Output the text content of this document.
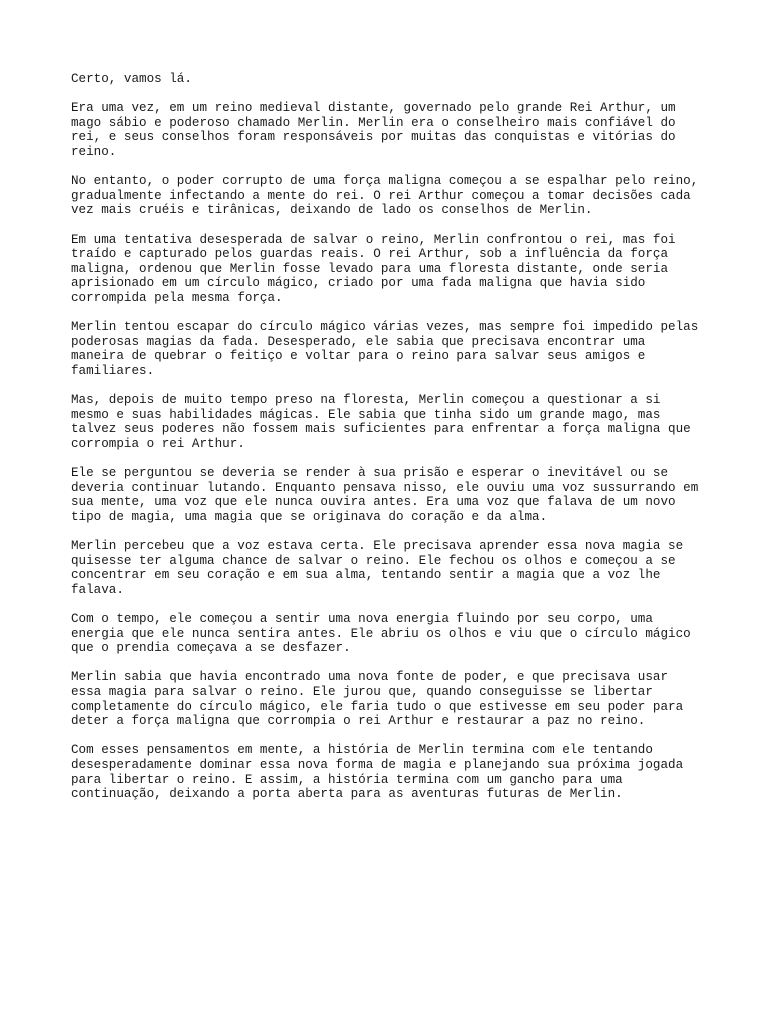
Certo, vamos lá.

Era uma vez, em um reino medieval distante, governado pelo grande Rei Arthur, um
mago sábio e poderoso chamado Merlin. Merlin era o conselheiro mais confiável do
rei, e seus conselhos foram responsáveis por muitas das conquistas e vitórias do
reino.

No entanto, o poder corrupto de uma força maligna começou a se espalhar pelo reino,
gradualmente infectando a mente do rei. O rei Arthur começou a tomar decisões cada
vez mais cruéis e tirânicas, deixando de lado os conselhos de Merlin.

Em uma tentativa desesperada de salvar o reino, Merlin confrontou o rei, mas foi
traído e capturado pelos guardas reais. O rei Arthur, sob a influência da força
maligna, ordenou que Merlin fosse levado para uma floresta distante, onde seria
aprisionado em um círculo mágico, criado por uma fada maligna que havia sido
corrompida pela mesma força.

Merlin tentou escapar do círculo mágico várias vezes, mas sempre foi impedido pelas
poderosas magias da fada. Desesperado, ele sabia que precisava encontrar uma
maneira de quebrar o feitiço e voltar para o reino para salvar seus amigos e
familiares.

Mas, depois de muito tempo preso na floresta, Merlin começou a questionar a si
mesmo e suas habilidades mágicas. Ele sabia que tinha sido um grande mago, mas
talvez seus poderes não fossem mais suficientes para enfrentar a força maligna que
corrompia o rei Arthur.

Ele se perguntou se deveria se render à sua prisão e esperar o inevitável ou se
deveria continuar lutando. Enquanto pensava nisso, ele ouviu uma voz sussurrando em
sua mente, uma voz que ele nunca ouvira antes. Era uma voz que falava de um novo
tipo de magia, uma magia que se originava do coração e da alma.

Merlin percebeu que a voz estava certa. Ele precisava aprender essa nova magia se
quisesse ter alguma chance de salvar o reino. Ele fechou os olhos e começou a se
concentrar em seu coração e em sua alma, tentando sentir a magia que a voz lhe
falava.

Com o tempo, ele começou a sentir uma nova energia fluindo por seu corpo, uma
energia que ele nunca sentira antes. Ele abriu os olhos e viu que o círculo mágico
que o prendia começava a se desfazer.

Merlin sabia que havia encontrado uma nova fonte de poder, e que precisava usar
essa magia para salvar o reino. Ele jurou que, quando conseguisse se libertar
completamente do círculo mágico, ele faria tudo o que estivesse em seu poder para
deter a força maligna que corrompia o rei Arthur e restaurar a paz no reino.

Com esses pensamentos em mente, a história de Merlin termina com ele tentando
desesperadamente dominar essa nova forma de magia e planejando sua próxima jogada
para libertar o reino. E assim, a história termina com um gancho para uma
continuação, deixando a porta aberta para as aventuras futuras de Merlin.
